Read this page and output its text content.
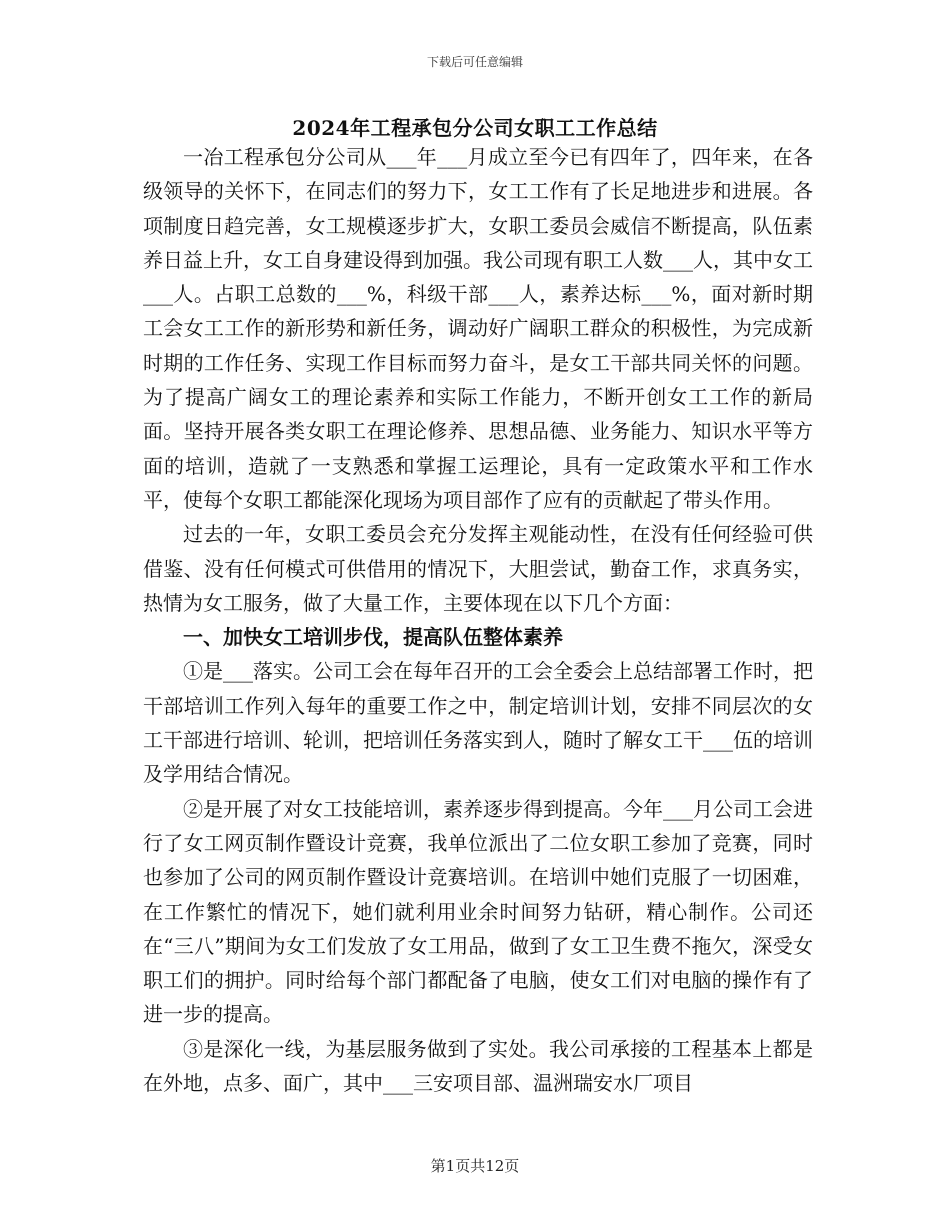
下载后可任意编辑
2024年工程承包分公司女职工工作总结

一冶工程承包分公司从___年___月成立至今已有四年了，四年来，在各级领导的关怀下，在同志们的努力下，女工工作有了长足地进步和进展。各项制度日趋完善，女工规模逐步扩大，女职工委员会威信不断提高，队伍素养日益上升，女工自身建设得到加强。我公司现有职工人数___人，其中女工___人。占职工总数的___%，科级干部___人，素养达标___%，面对新时期工会女工工作的新形势和新任务，调动好广阔职工群众的积极性，为完成新时期的工作任务、实现工作目标而努力奋斗，是女工干部共同关怀的问题。为了提高广阔女工的理论素养和实际工作能力，不断开创女工工作的新局面。坚持开展各类女职工在理论修养、思想品德、业务能力、知识水平等方面的培训，造就了一支熟悉和掌握工运理论，具有一定政策水平和工作水平，使每个女职工都能深化现场为项目部作了应有的贡献起了带头作用。

过去的一年，女职工委员会充分发挥主观能动性，在没有任何经验可供借鉴、没有任何模式可供借用的情况下，大胆尝试，勤奋工作，求真务实，热情为女工服务，做了大量工作，主要体现在以下几个方面：

一、加快女工培训步伐，提高队伍整体素养

①是___落实。公司工会在每年召开的工会全委会上总结部署工作时，把干部培训工作列入每年的重要工作之中，制定培训计划，安排不同层次的女工干部进行培训、轮训，把培训任务落实到人，随时了解女工干___伍的培训及学用结合情况。

②是开展了对女工技能培训，素养逐步得到提高。今年___月公司工会进行了女工网页制作暨设计竞赛，我单位派出了二位女职工参加了竞赛，同时也参加了公司的网页制作暨设计竞赛培训。在培训中她们克服了一切困难，在工作繁忙的情况下，她们就利用业余时间努力钻研，精心制作。公司还在“三八”期间为女工们发放了女工用品，做到了女工卫生费不拖欠，深受女职工们的拥护。同时给每个部门都配备了电脑，使女工们对电脑的操作有了进一步的提高。

③是深化一线，为基层服务做到了实处。我公司承接的工程基本上都是在外地，点多、面广，其中___三安项目部、温洲瑞安水厂项目

第1页共12页
